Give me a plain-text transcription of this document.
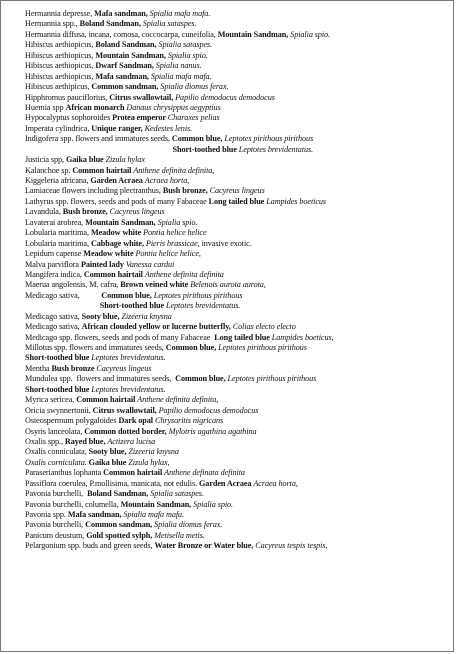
Hermannia depresse, Mafa sandman, Spialia mafa mafa.
Hermannia spp., Boland Sandman, Spialia sataspes.
Hermannia diffusa, incana, comosa, coccocarpa, cuneifolia, Mountain Sandman, Spialia spio.
Hibiscus aethiopicus, Boland Sandman, Spialia sataspes.
Hibiscus aethiopicus, Mountain Sandman, Spialia spio.
Hibiscus aethiopicus, Dwarf Sandman, Spialia nanus.
Hibiscus aethiopicus, Mafa sandman, Spialia mafa mafa.
Hibiscus aethipicus, Common sandman, Spialia diomus ferax.
Hipphromus pauciflorius, Citrus swallowtail, Papilio demodocus demodocus
Huemia spp African monarch Danaus chrysippus aegyptius
Hypocalyptus sophoroides Protea emperor Charaxes pelias
Imperata cylindrica, Unique ranger, Kedestes lenis.
Indigofera spp. flowers and immatures seeds, Common blue, Leptotes pirithous pirithous
Short-toothed blue Leptotes brevidentatus.
Justicia spp, Gaika blue Zizula hylax
Kalanchoe sp. Common hairtail Anthene definita definita,
Kiggeleria africana, Garden Acraea Acraea horta,
Lamiaceae flowers including plectranthus, Bush bronze, Cacyreus lingeus
Lathyrus spp. flowers, seeds and pods of many Fabaceae Long tailed blue Lampides boeticus
Lavandula, Bush bronze, Cacyreus lingeus
Lavaterai arobrea, Mountain Sandman, Spialia spio.
Lobularia maritima, Meadow white Pontia helice helice
Lobularia maritima, Cabbage white, Pieris brassicae, invasive exotic.
Lepidum capense Meadow white Pontia helice helice,
Malva parviflora Painted lady Vanessa cardui
Mangifera indica, Common hairtail Anthene definita definita
Maerua angolensis, M. cafra, Brown veined white Belenois aurota aurota,
Medicago sativa,           Common blue, Leptotes pirithous pirithous
Short-toothed blue Leptotes brevidentatus.
Medicago sativa, Sooty blue, Zizeeria knysna
Medicago sativa, African clouded yellow or lucerne butterfly, Colias electo electo
Medicago spp. flowers, seeds and pods of many Fabaceae  Long tailed blue Lampides boeticus,
Millotus spp. flowers and immatures seeds, Common blue, Leptotes pirithous pirithous
Short-toothed blue Leptotes brevidentatus.
Mentha Bush bronze Cacyreus lingeus
Mundulea spp.  flowers and immatures seeds,  Common blue, Leptotes pirithous pirithous
Short-toothed blue Leptotes brevidentatus.
Myrica sericea, Common hairtail Anthene definita definita,
Oricia swynnertonii, Citrus swallowtail, Papilio demodocus demodocus
Osteospermum polygaloides Dark opal Chrysoritis nigricans
Osyris lanceolata, Common dotted border, Mylotris agathina agathina
Oxalis spp., Rayed blue, Actizera lucisa
Oxalis conniculata, Sooty blue, Zizeeria knysna
Oxalis corniculata. Gaika blue Zizula hylax,
Paraserianthus lophanta Common hairtail Anthene definata definita
Passiflora coerulea, P.mollisima, manicata, not edulis. Garden Acraea Acraea horta,
Pavonia burchelli,  Boland Sandman, Spialia sataspes.
Pavonia burchelli, columella, Mountain Sandman, Spialia spio.
Pavonia spp. Mafa sandman, Spialia mafa mafa.
Pavonia burchelli, Common sandman, Spialia diomus ferax.
Panicum deustum, Gold spotted sylph, Metisella metis.
Pelargonium spp. buds and green seeds, Water Bronze or Water blue, Cacyreus tespis tespis,
